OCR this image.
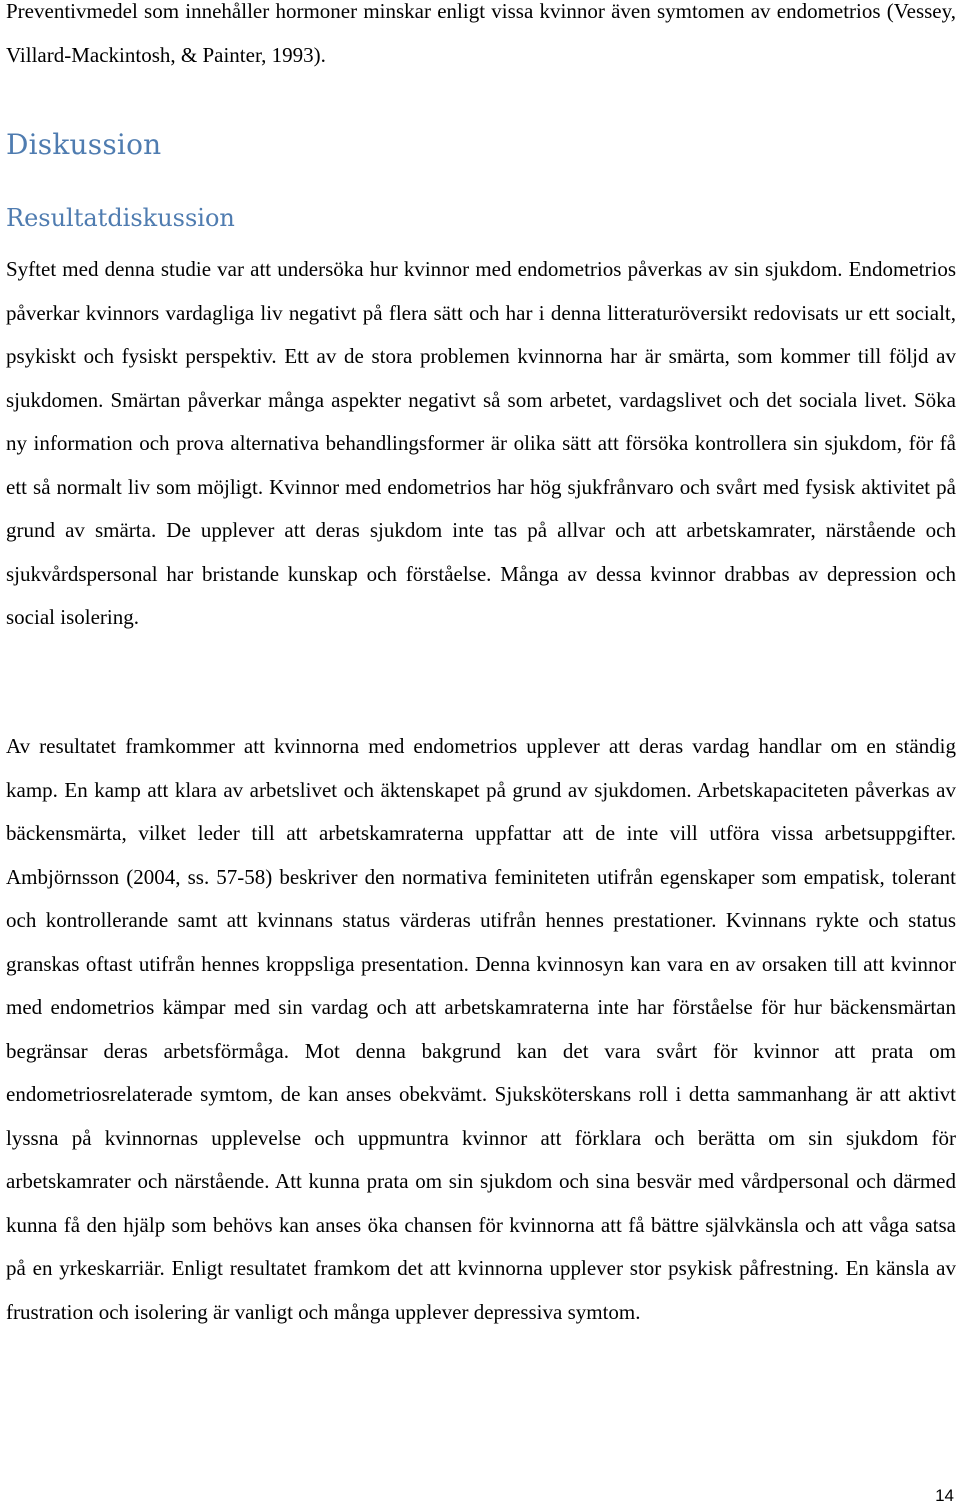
Preventivmedel som innehåller hormoner minskar enligt vissa kvinnor även symtomen av endometrios (Vessey, Villard-Mackintosh, & Painter, 1993).

Diskussion
Resultatdiskussion

Syftet med denna studie var att undersöka hur kvinnor med endometrios påverkas av sin sjukdom. Endometrios påverkar kvinnors vardagliga liv negativt på flera sätt och har i denna litteraturöversikt redovisats ur ett socialt, psykiskt och fysiskt perspektiv. Ett av de stora problemen kvinnorna har är smärta, som kommer till följd av sjukdomen. Smärtan påverkar många aspekter negativt så som arbetet, vardagslivet och det sociala livet. Söka ny information och prova alternativa behandlingsformer är olika sätt att försöka kontrollera sin sjukdom, för få ett så normalt liv som möjligt. Kvinnor med endometrios har hög sjukfrånvaro och svårt med fysisk aktivitet på grund av smärta. De upplever att deras sjukdom inte tas på allvar och att arbetskamrater, närstående och sjukvårdspersonal har bristande kunskap och förståelse. Många av dessa kvinnor drabbas av depression och social isolering.

Av resultatet framkommer att kvinnorna med endometrios upplever att deras vardag handlar om en ständig kamp. En kamp att klara av arbetslivet och äktenskapet på grund av sjukdomen. Arbetskapaciteten påverkas av bäckensmärta, vilket leder till att arbetskamraterna uppfattar att de inte vill utföra vissa arbetsuppgifter. Ambjörnsson (2004, ss. 57-58) beskriver den normativa feminiteten utifrån egenskaper som empatisk, tolerant och kontrollerande samt att kvinnans status värderas utifrån hennes prestationer. Kvinnans rykte och status granskas oftast utifrån hennes kroppsliga presentation. Denna kvinnosyn kan vara en av orsaken till att kvinnor med endometrios kämpar med sin vardag och att arbetskamraterna inte har förståelse för hur bäckensmärtan begränsar deras arbetsförmåga. Mot denna bakgrund kan det vara svårt för kvinnor att prata om endometriosrelaterade symtom, de kan anses obekvämt. Sjuksköterskans roll i detta sammanhang är att aktivt lyssna på kvinnornas upplevelse och uppmuntra kvinnor att förklara och berätta om sin sjukdom för arbetskamrater och närstående. Att kunna prata om sin sjukdom och sina besvär med vårdpersonal och därmed kunna få den hjälp som behövs kan anses öka chansen för kvinnorna att få bättre självkänsla och att våga satsa på en yrkeskarriär. Enligt resultatet framkom det att kvinnorna upplever stor psykisk påfrestning. En känsla av frustration och isolering är vanligt och många upplever depressiva symtom.

14
